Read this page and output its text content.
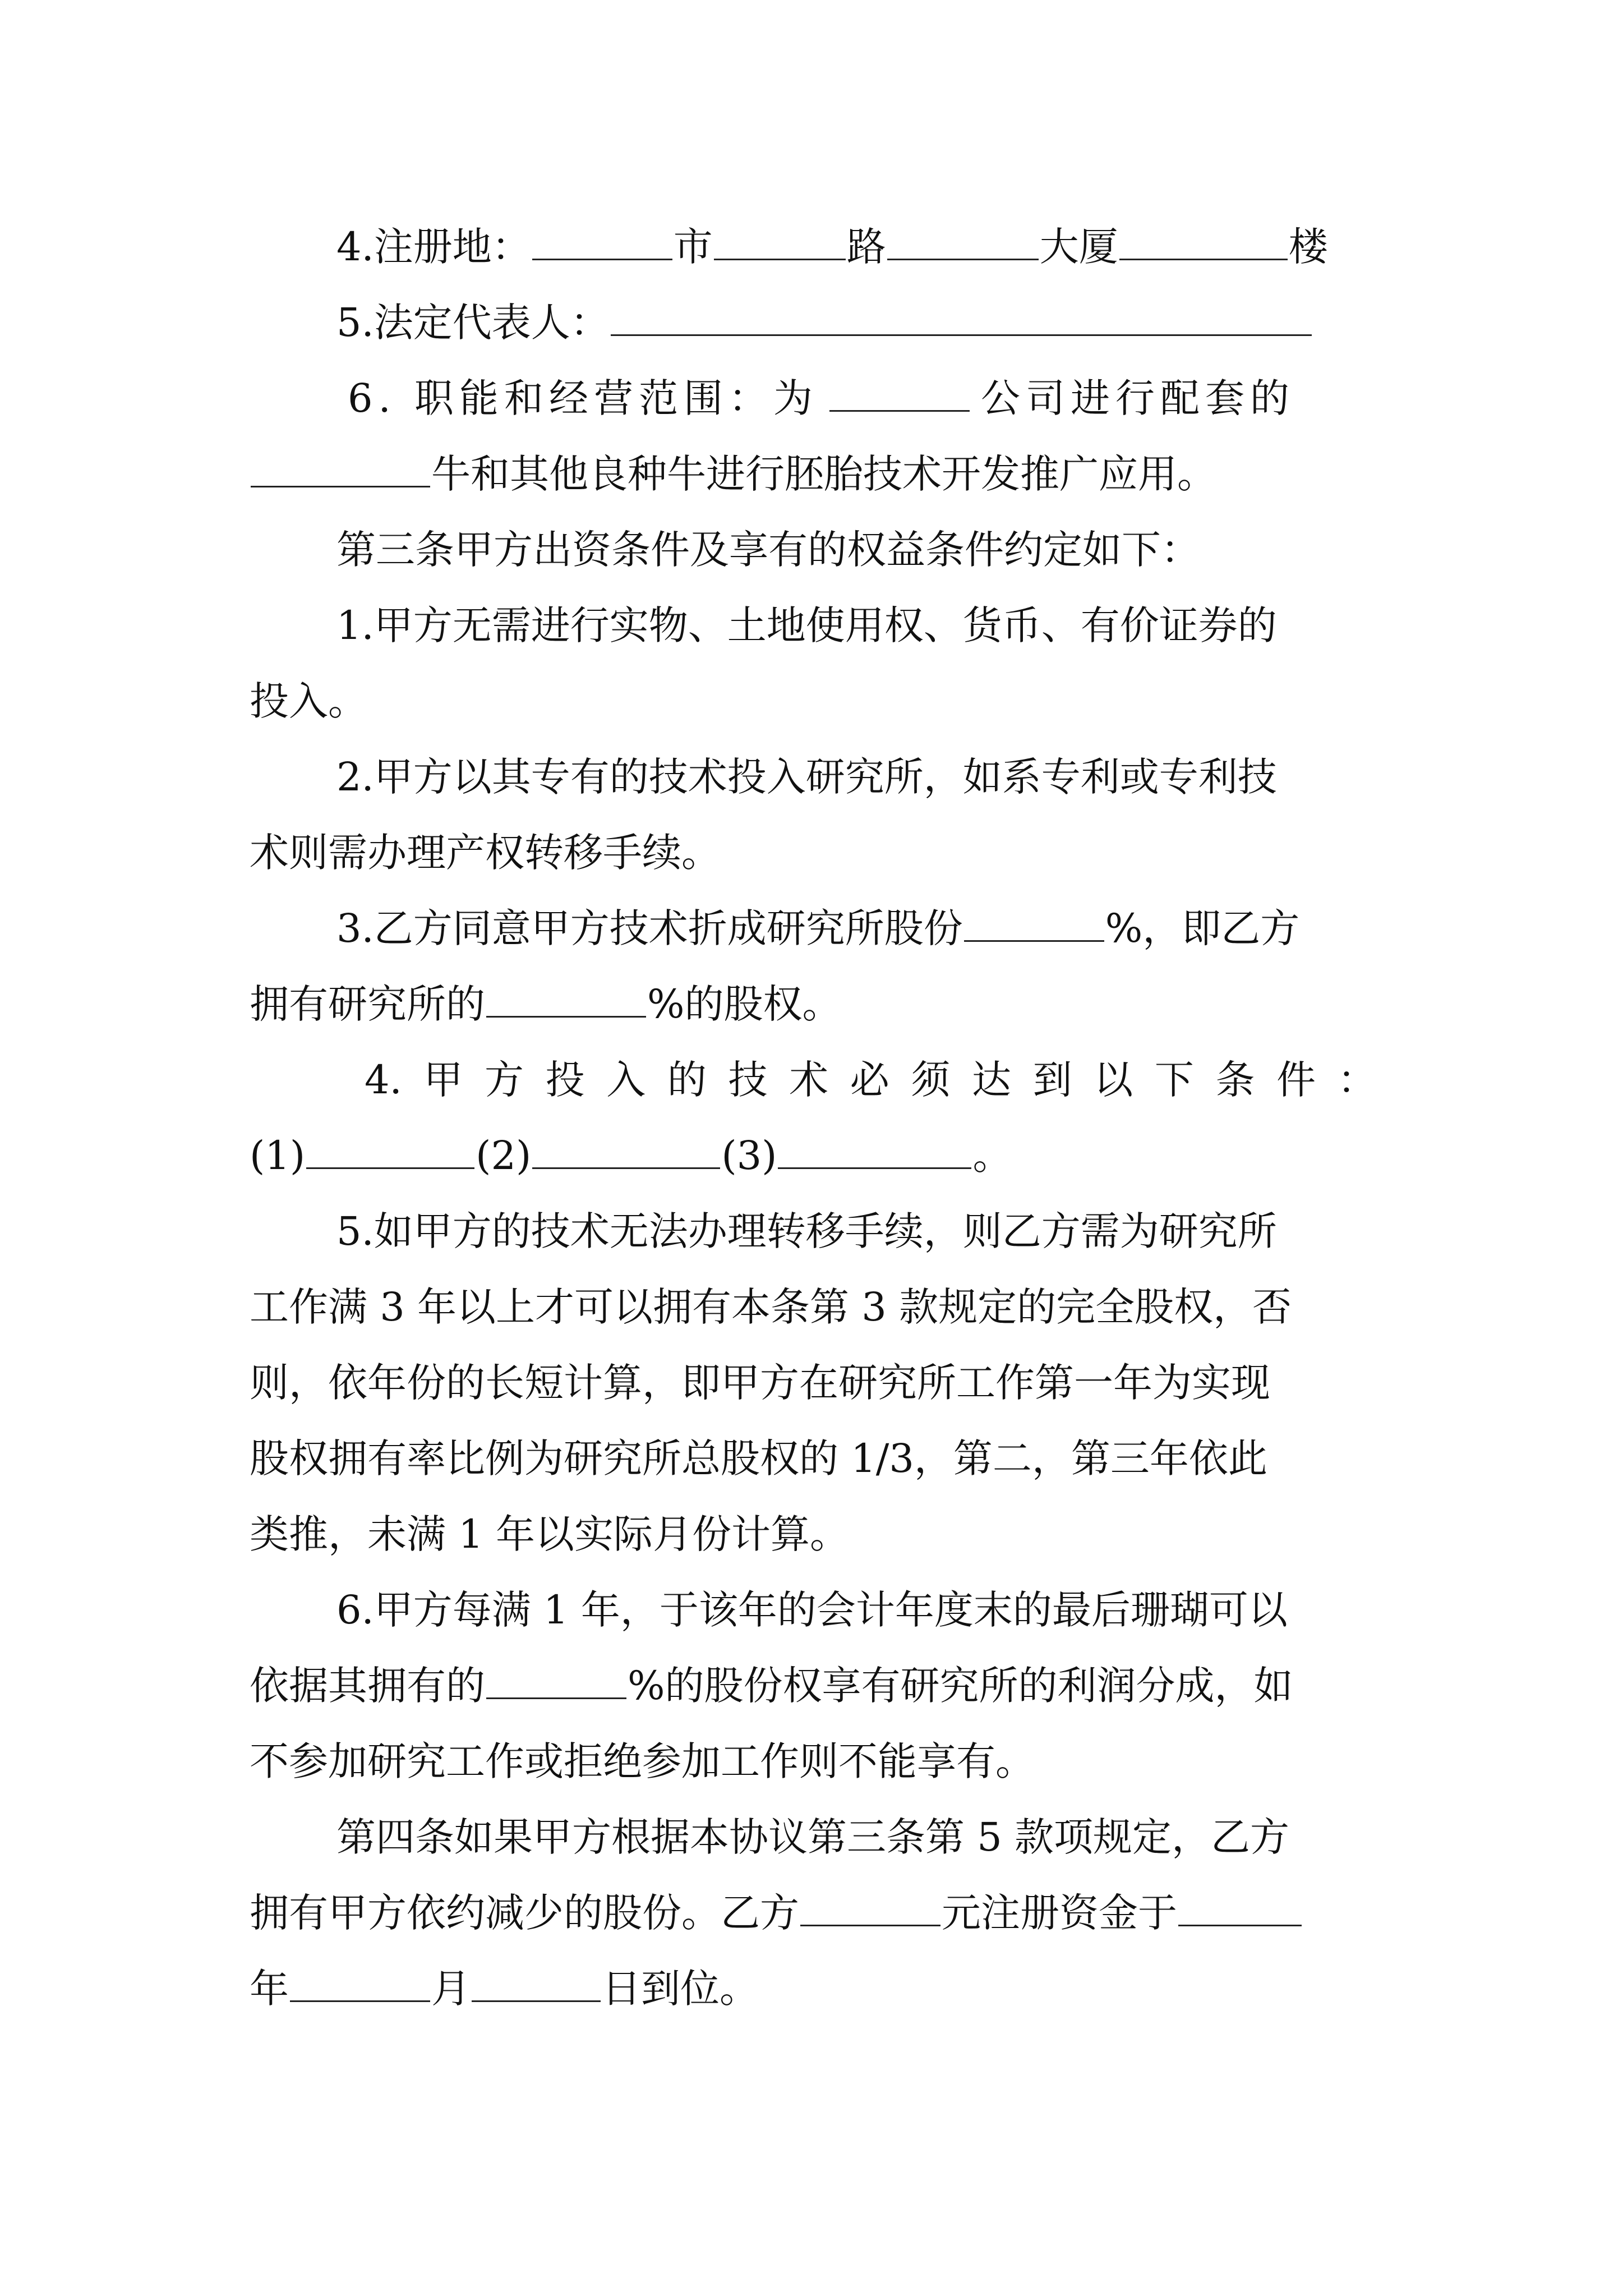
4.注册地：	市	路	大厦	楼
5.法定代表人：
6. 职能和经营范围：为	公司进行配套的
牛和其他良种牛进行胚胎技术开发推广应用。
第三条甲方出资条件及享有的权益条件约定如下：
1.甲方无需进行实物、土地使用权、货币、有价证券的
投入。
2.甲方以其专有的技术投入研究所，如系专利或专利技
术则需办理产权转移手续。
3.乙方同意甲方技术折成研究所股份	%，即乙方
拥有研究所的	%的股权。
4. 甲 方 投 入 的 技 术 必 须 达 到 以 下 条 件 ：
(1)	(2)	(3)	。
5.如甲方的技术无法办理转移手续，则乙方需为研究所
工作满 3 年以上才可以拥有本条第 3 款规定的完全股权，否
则，依年份的长短计算，即甲方在研究所工作第一年为实现
股权拥有率比例为研究所总股权的 1/3，第二，第三年依此
类推，未满 1 年以实际月份计算。
6.甲方每满 1 年，于该年的会计年度末的最后珊瑚可以
依据其拥有的	%的股份权享有研究所的利润分成，如
不参加研究工作或拒绝参加工作则不能享有。
第四条如果甲方根据本协议第三条第 5 款项规定，乙方
拥有甲方依约减少的股份。乙方	元注册资金于
年	月	日到位。
